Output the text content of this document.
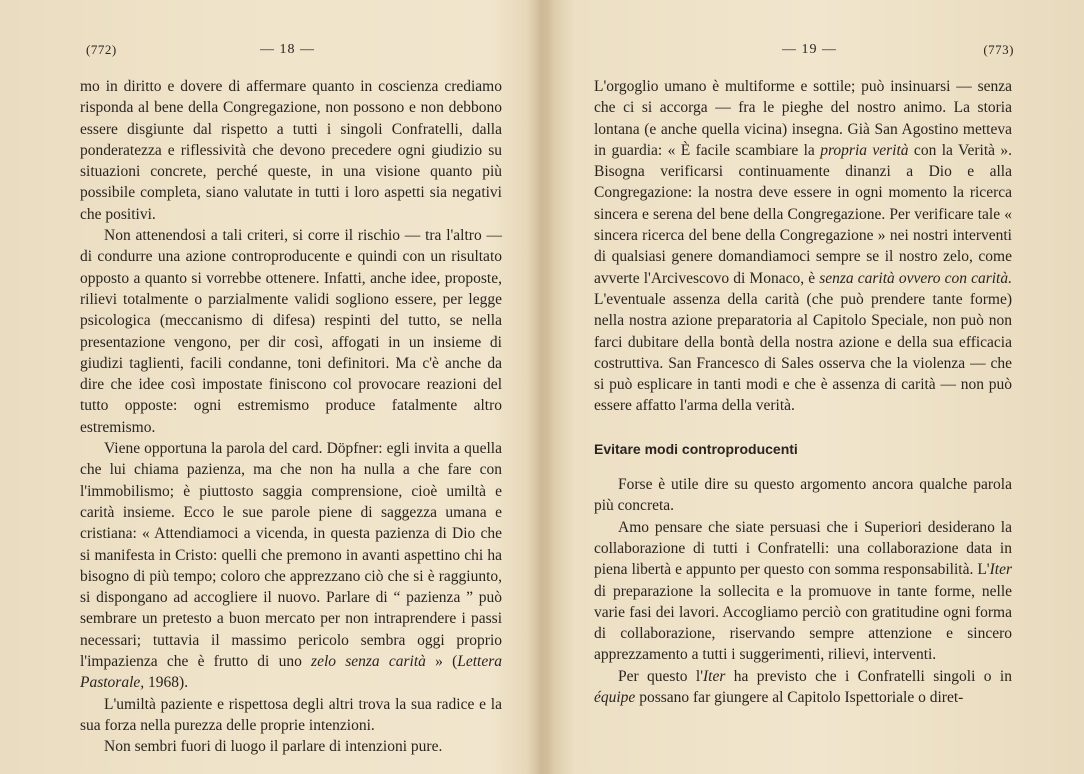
(772)	— 18 —

mo in diritto e dovere di affermare quanto in coscienza crediamo risponda al bene della Congregazione, non possono e non debbono essere disgiunte dal rispetto a tutti i singoli Confratelli, dalla ponderatezza e riflessività che devono precedere ogni giudizio su situazioni concrete, perché queste, in una visione quanto più possibile completa, siano valutate in tutti i loro aspetti sia negativi che positivi.

Non attenendosi a tali criteri, si corre il rischio — tra l'altro — di condurre una azione controproducente e quindi con un risultato opposto a quanto si vorrebbe ottenere. Infatti, anche idee, proposte, rilievi totalmente o parzialmente validi sogliono essere, per legge psicologica (meccanismo di difesa) respinti del tutto, se nella presentazione vengono, per dir così, affogati in un insieme di giudizi taglienti, facili condanne, toni definitori. Ma c'è anche da dire che idee così impostate finiscono col provocare reazioni del tutto opposte: ogni estremismo produce fatalmente altro estremismo.

Viene opportuna la parola del card. Döpfner: egli invita a quella che lui chiama pazienza, ma che non ha nulla a che fare con l'immobilismo; è piuttosto saggia comprensione, cioè umiltà e carità insieme. Ecco le sue parole piene di saggezza umana e cristiana: « Attendiamoci a vicenda, in questa pazienza di Dio che si manifesta in Cristo: quelli che premono in avanti aspettino chi ha bisogno di più tempo; coloro che apprezzano ciò che si è raggiunto, si dispongano ad accogliere il nuovo. Parlare di “ pazienza ” può sembrare un pretesto a buon mercato per non intraprendere i passi necessari; tuttavia il massimo pericolo sembra oggi proprio l'impazienza che è frutto di uno zelo senza carità » (Lettera Pastorale, 1968).

L'umiltà paziente e rispettosa degli altri trova la sua radice e la sua forza nella purezza delle proprie intenzioni.

Non sembri fuori di luogo il parlare di intenzioni pure.

— 19 —	(773)

L'orgoglio umano è multiforme e sottile; può insinuarsi — senza che ci si accorga — fra le pieghe del nostro animo. La storia lontana (e anche quella vicina) insegna. Già San Agostino metteva in guardia: « È facile scambiare la propria verità con la Verità ». Bisogna verificarsi continuamente dinanzi a Dio e alla Congregazione: la nostra deve essere in ogni momento la ricerca sincera e serena del bene della Congregazione. Per verificare tale « sincera ricerca del bene della Congregazione » nei nostri interventi di qualsiasi genere domandiamoci sempre se il nostro zelo, come avverte l'Arcivescovo di Monaco, è senza carità ovvero con carità. L'eventuale assenza della carità (che può prendere tante forme) nella nostra azione preparatoria al Capitolo Speciale, non può non farci dubitare della bontà della nostra azione e della sua efficacia costruttiva. San Francesco di Sales osserva che la violenza — che si può esplicare in tanti modi e che è assenza di carità — non può essere affatto l'arma della verità.

Evitare modi controproducenti

Forse è utile dire su questo argomento ancora qualche parola più concreta.

Amo pensare che siate persuasi che i Superiori desiderano la collaborazione di tutti i Confratelli: una collaborazione data in piena libertà e appunto per questo con somma responsabilità. L'Iter di preparazione la sollecita e la promuove in tante forme, nelle varie fasi dei lavori. Accogliamo perciò con gratitudine ogni forma di collaborazione, riservando sempre attenzione e sincero apprezzamento a tutti i suggerimenti, rilievi, interventi.

Per questo l'Iter ha previsto che i Confratelli singoli o in équipe possano far giungere al Capitolo Ispettoriale o diret-
